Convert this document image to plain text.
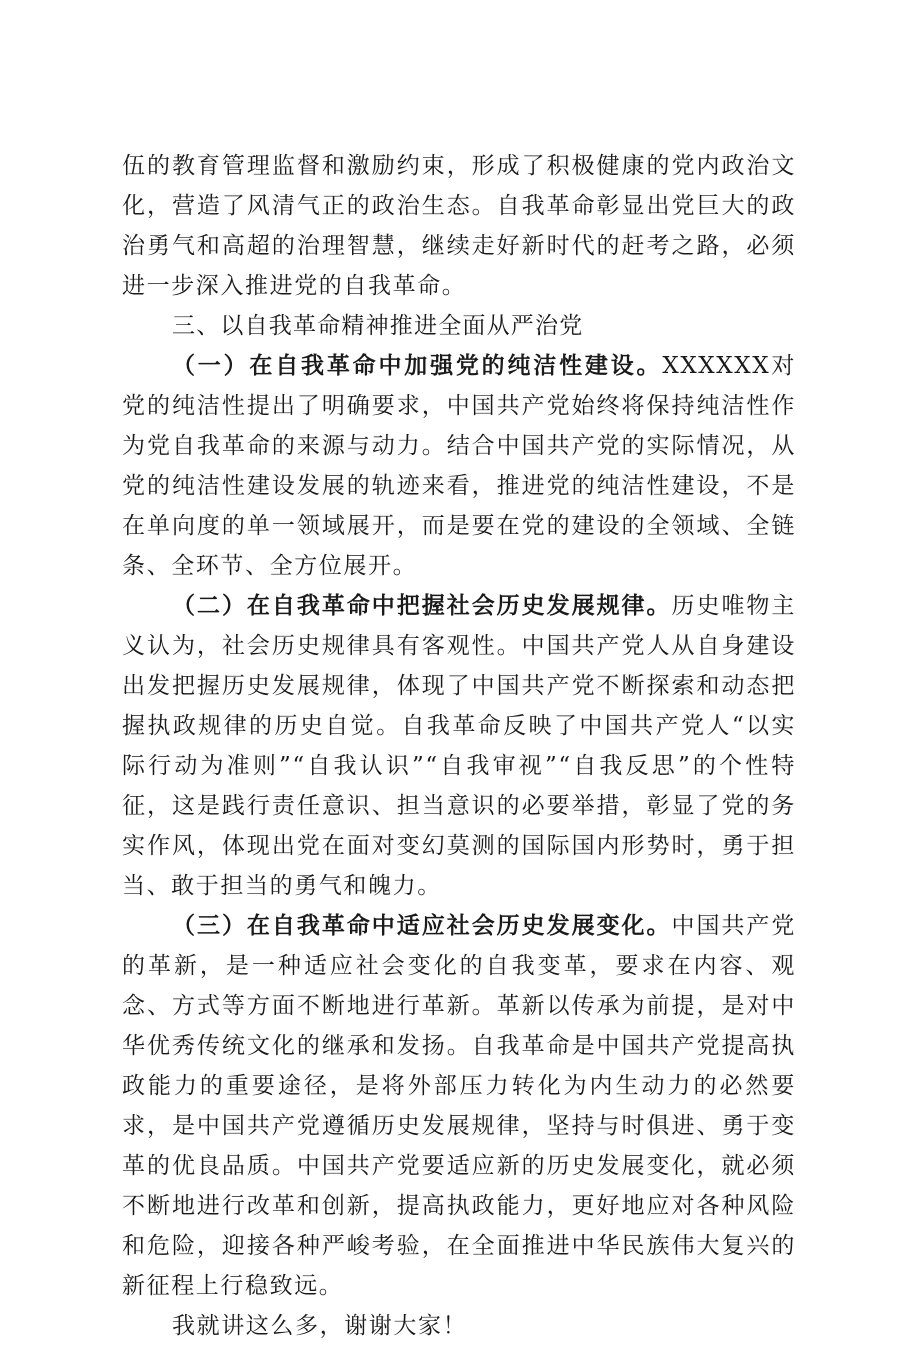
伍的教育管理监督和激励约束，形成了积极健康的党内政治文化，营造了风清气正的政治生态。自我革命彰显出党巨大的政治勇气和高超的治理智慧，继续走好新时代的赶考之路，必须进一步深入推进党的自我革命。

三、以自我革命精神推进全面从严治党

（一）在自我革命中加强党的纯洁性建设。XXXXXX对党的纯洁性提出了明确要求，中国共产党始终将保持纯洁性作为党自我革命的来源与动力。结合中国共产党的实际情况，从党的纯洁性建设发展的轨迹来看，推进党的纯洁性建设，不是在单向度的单一领域展开，而是要在党的建设的全领域、全链条、全环节、全方位展开。

（二）在自我革命中把握社会历史发展规律。历史唯物主义认为，社会历史规律具有客观性。中国共产党人从自身建设出发把握历史发展规律，体现了中国共产党不断探索和动态把握执政规律的历史自觉。自我革命反映了中国共产党人“以实际行动为准则”“自我认识”“自我审视”“自我反思”的个性特征，这是践行责任意识、担当意识的必要举措，彰显了党的务实作风，体现出党在面对变幻莫测的国际国内形势时，勇于担当、敢于担当的勇气和魄力。

（三）在自我革命中适应社会历史发展变化。中国共产党的革新，是一种适应社会变化的自我变革，要求在内容、观念、方式等方面不断地进行革新。革新以传承为前提，是对中华优秀传统文化的继承和发扬。自我革命是中国共产党提高执政能力的重要途径，是将外部压力转化为内生动力的必然要求，是中国共产党遵循历史发展规律，坚持与时俱进、勇于变革的优良品质。中国共产党要适应新的历史发展变化，就必须不断地进行改革和创新，提高执政能力，更好地应对各种风险和危险，迎接各种严峻考验，在全面推进中华民族伟大复兴的新征程上行稳致远。

我就讲这么多，谢谢大家！
